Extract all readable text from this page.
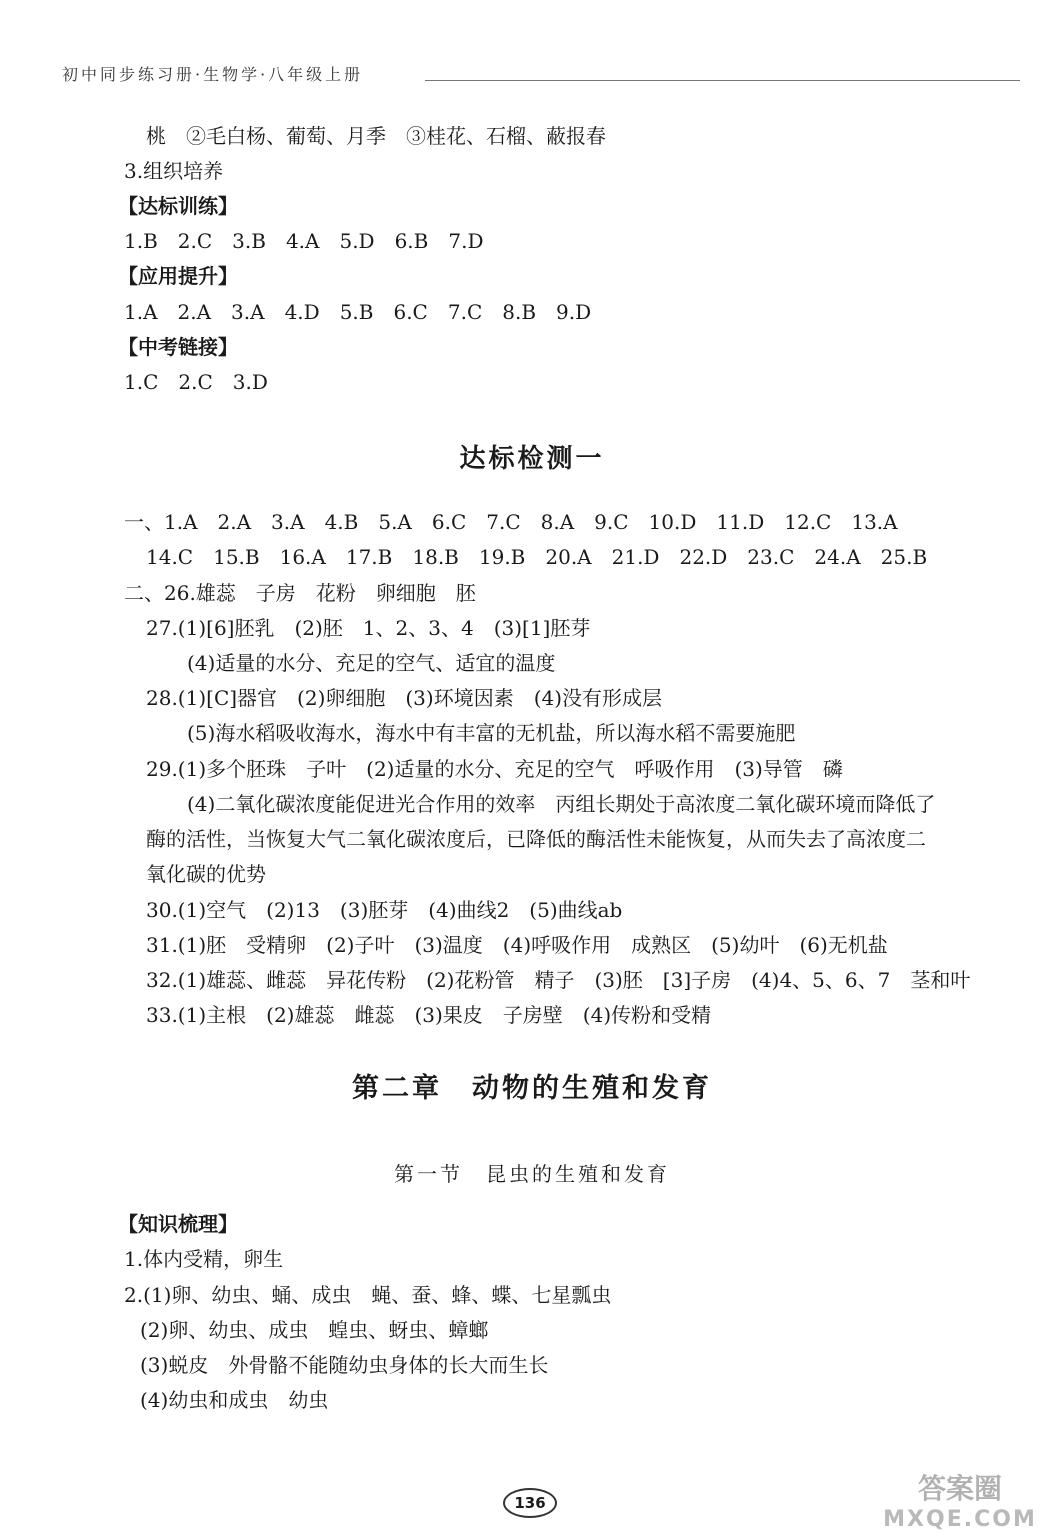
初中同步练习册·生物学·八年级上册
桃　②毛白杨、葡萄、月季　③桂花、石榴、蔽报春
3.组织培养
【达标训练】
1.B　2.C　3.B　4.A　5.D　6.B　7.D
【应用提升】
1.A　2.A　3.A　4.D　5.B　6.C　7.C　8.B　9.D
【中考链接】
1.C　2.C　3.D
达标检测一
一、1.A　2.A　3.A　4.B　5.A　6.C　7.C　8.A　9.C　10.D　11.D　12.C　13.A
14.C　15.B　16.A　17.B　18.B　19.B　20.A　21.D　22.D　23.C　24.A　25.B
二、26.雄蕊　子房　花粉　卵细胞　胚
27.(1)[6]胚乳　(2)胚　1、2、3、4　(3)[1]胚芽
(4)适量的水分、充足的空气、适宜的温度
28.(1)[C]器官　(2)卵细胞　(3)环境因素　(4)没有形成层
(5)海水稻吸收海水，海水中有丰富的无机盐，所以海水稻不需要施肥
29.(1)多个胚珠　子叶　(2)适量的水分、充足的空气　呼吸作用　(3)导管　磷
(4)二氧化碳浓度能促进光合作用的效率　丙组长期处于高浓度二氧化碳环境而降低了
酶的活性，当恢复大气二氧化碳浓度后，已降低的酶活性未能恢复，从而失去了高浓度二
氧化碳的优势
30.(1)空气　(2)13　(3)胚芽　(4)曲线2　(5)曲线ab
31.(1)胚　受精卵　(2)子叶　(3)温度　(4)呼吸作用　成熟区　(5)幼叶　(6)无机盐
32.(1)雄蕊、雌蕊　异花传粉　(2)花粉管　精子　(3)胚　[3]子房　(4)4、5、6、7　茎和叶
33.(1)主根　(2)雄蕊　雌蕊　(3)果皮　子房壁　(4)传粉和受精
第二章　动物的生殖和发育
第一节　昆虫的生殖和发育
【知识梳理】
1.体内受精，卵生
2.(1)卵、幼虫、蛹、成虫　蝇、蚕、蜂、蝶、七星瓢虫
(2)卵、幼虫、成虫　蝗虫、蚜虫、蟑螂
(3)蜕皮　外骨骼不能随幼虫身体的长大而生长
(4)幼虫和成虫　幼虫
136	答案圈
MXQE.COM
